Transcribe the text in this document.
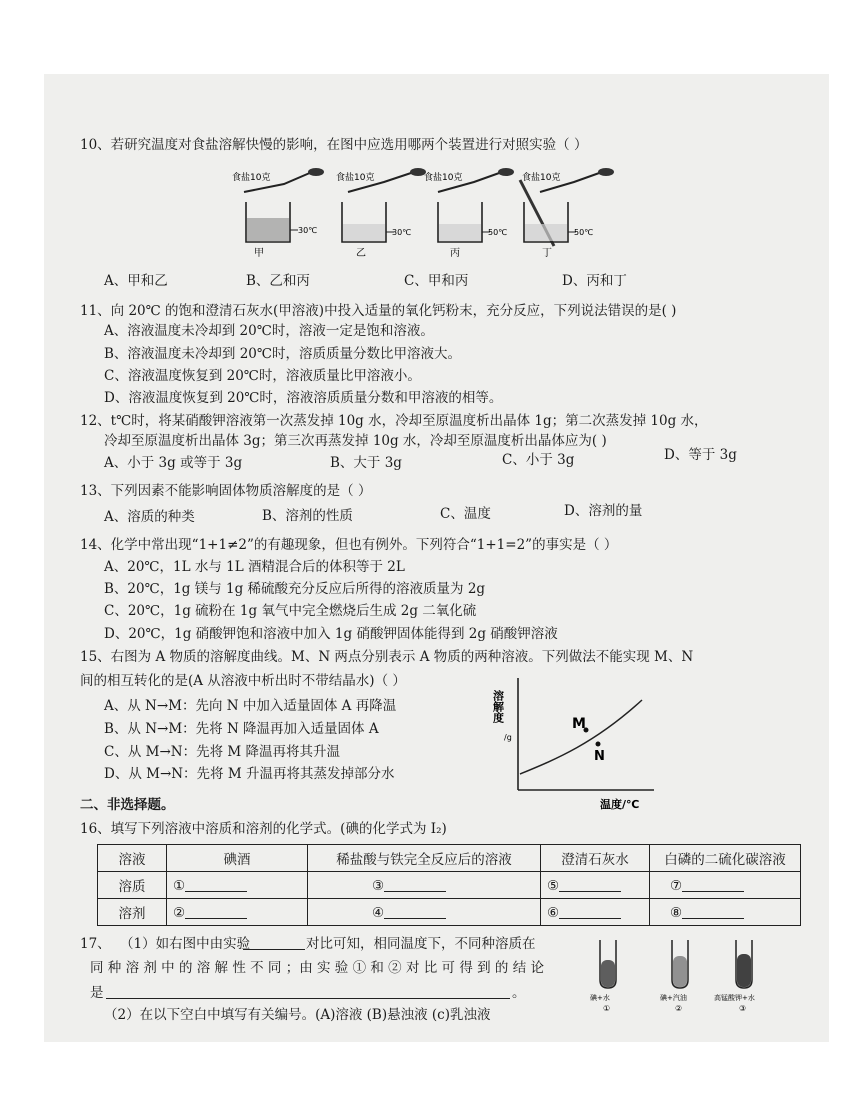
10、若研究温度对食盐溶解快慢的影响，在图中应选用哪两个装置进行对照实验（ ）
食盐10克
30℃
甲
食盐10克
30℃
乙
食盐10克
50℃
丙
食盐10克
50℃
丁
A、甲和乙	B、乙和丙	C、甲和丙	D、丙和丁
11、向 20℃ 的饱和澄清石灰水(甲溶液)中投入适量的氧化钙粉末，充分反应，下列说法错误的是( )
A、溶液温度未冷却到 20℃时，溶液一定是饱和溶液。
B、溶液温度未冷却到 20℃时，溶质质量分数比甲溶液大。
C、溶液温度恢复到 20℃时，溶液质量比甲溶液小。
D、溶液温度恢复到 20℃时，溶液溶质质量分数和甲溶液的相等。
12、t℃时，将某硝酸钾溶液第一次蒸发掉 10g 水，冷却至原温度析出晶体 1g；第二次蒸发掉 10g 水，
冷却至原温度析出晶体 3g；第三次再蒸发掉 10g 水，冷却至原温度析出晶体应为( )
A、小于 3g 或等于 3g	B、大于 3g	C、小于 3g	D、等于 3g
13、下列因素不能影响固体物质溶解度的是（ ）
A、溶质的种类	B、溶剂的性质	C、温度	D、溶剂的量
14、化学中常出现“1+1≠2”的有趣现象，但也有例外。下列符合“1+1=2”的事实是（ ）
A、20℃，1L 水与 1L 酒精混合后的体积等于 2L
B、20℃，1g 镁与 1g 稀硫酸充分反应后所得的溶液质量为 2g
C、20℃，1g 硫粉在 1g 氧气中完全燃烧后生成 2g 二氧化硫
D、20℃，1g 硝酸钾饱和溶液中加入 1g 硝酸钾固体能得到 2g 硝酸钾溶液
15、右图为 A 物质的溶解度曲线。M、N 两点分别表示 A 物质的两种溶液。下列做法不能实现 M、N
间的相互转化的是(A 从溶液中析出时不带结晶水)（ ）
A、从 N→M：先向 N 中加入适量固体 A 再降温
B、从 N→M：先将 N 降温再加入适量固体 A
C、从 M→N：先将 M 降温再将其升温
D、从 M→N：先将 M 升温再将其蒸发掉部分水
溶解度
/g
M
N
温度/℃
二、非选择题。
16、填写下列溶液中溶质和溶剂的化学式。(碘的化学式为 I₂)
溶液	碘酒	稀盐酸与铁完全反应后的溶液	澄清石灰水	白磷的二硫化碳溶液
溶质	①	③	⑤	⑦
溶剂	②	④	⑥	⑧
17、 （1）如右图中由实验	对比可知，相同温度下，不同种溶质在
同 种 溶 剂 中 的 溶 解 性 不 同 ；由 实 验 ① 和 ② 对 比 可 得 到 的 结 论
是	。
（2）在以下空白中填写有关编号。(A)溶液 (B)悬浊液 (c)乳浊液
碘+水
①
碘+汽油
②
高锰酸钾+水
③
